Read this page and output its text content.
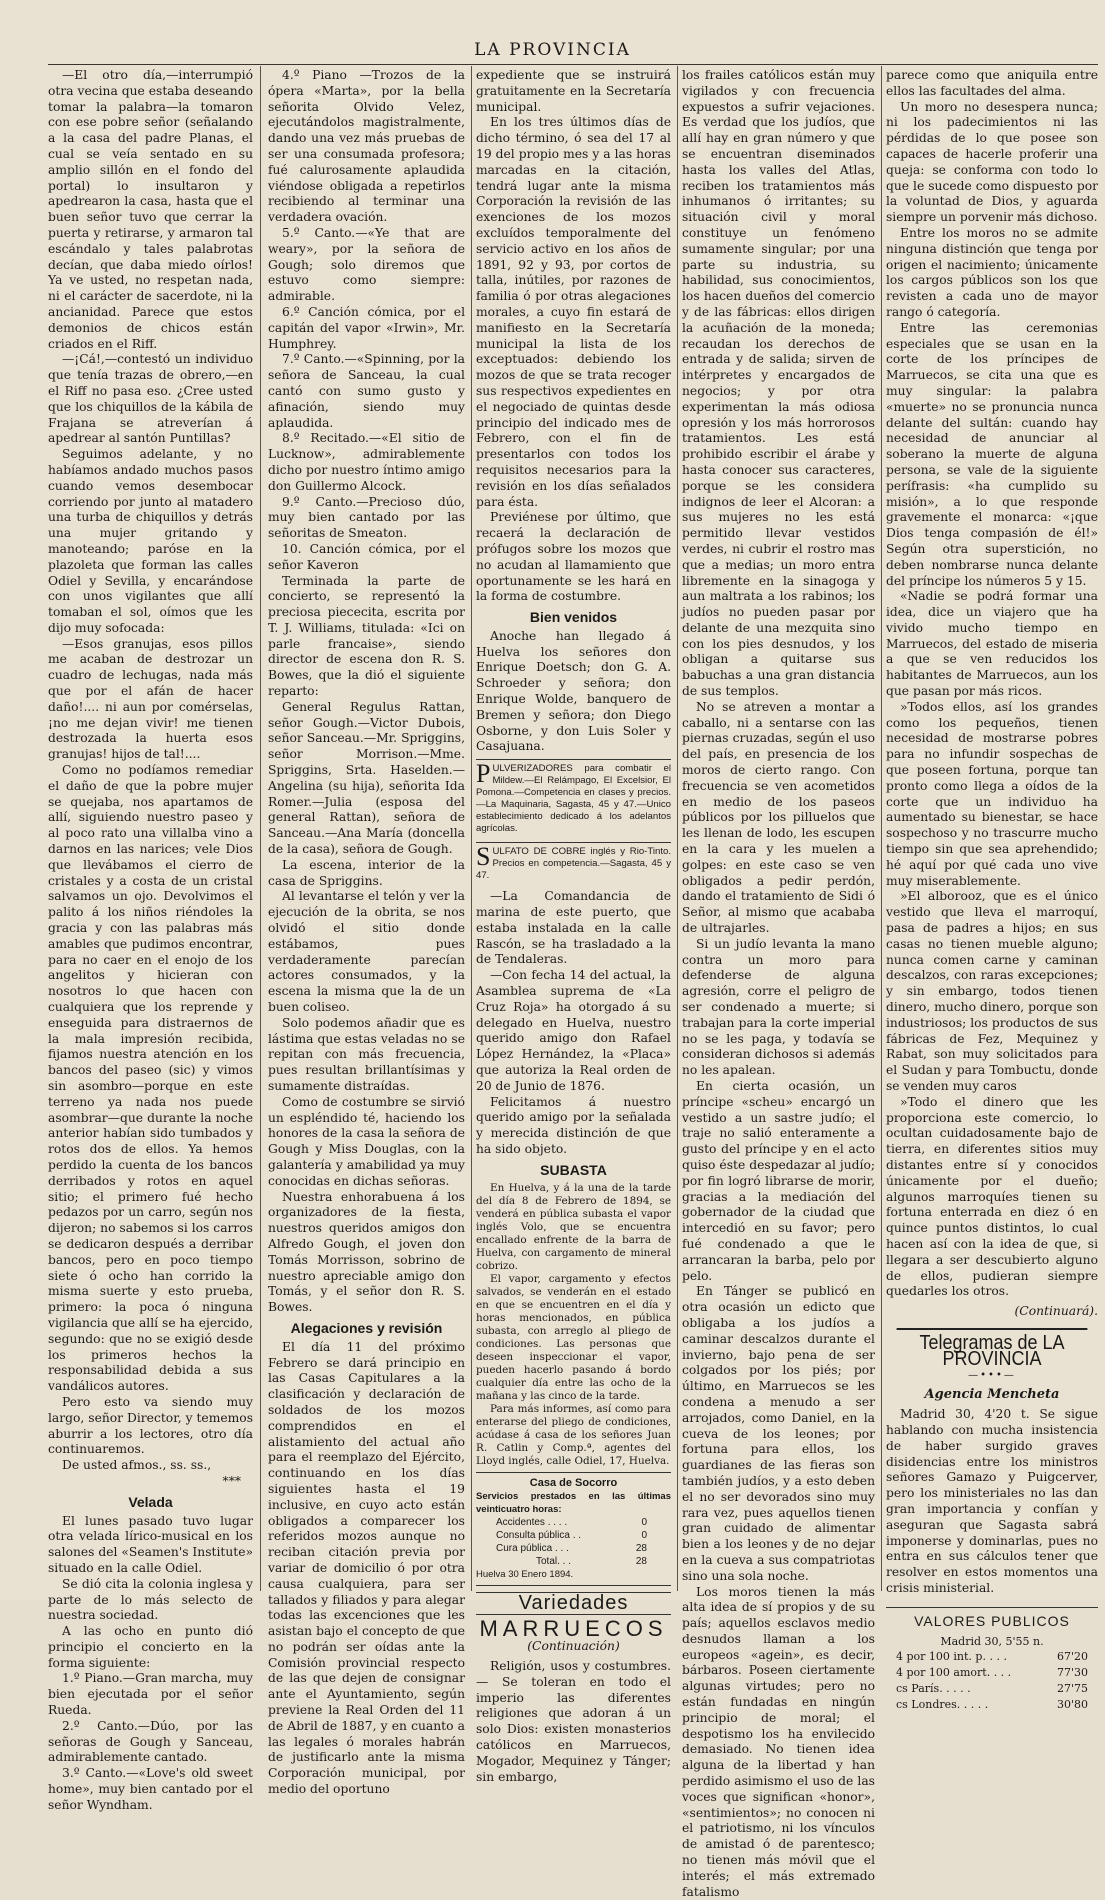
LA PROVINCIA

—El otro día,—interrumpió otra vecina que estaba deseando tomar la palabra—la tomaron con ese pobre señor (señalando a la casa del padre Planas, el cual se veía sentado en su amplio sillón en el fondo del portal) lo insultaron y apedrearon la casa, hasta que el buen señor tuvo que cerrar la puerta y retirarse, y armaron tal escándalo y tales palabrotas decían, que daba miedo oírlos! Ya ve usted, no respetan nada, ni el carácter de sacerdote, ni la ancianidad. Parece que estos demonios de chicos están criados en el Riff.

—¡Cá!,—contestó un individuo que tenía trazas de obrero,—en el Riff no pasa eso. ¿Cree usted que los chiquillos de la kábila de Frajana se atreverían á apedrear al santón Puntillas?

Seguimos adelante, y no habíamos andado muchos pasos cuando vemos desembocar corriendo por junto al matadero una turba de chiquillos y detrás una mujer gritando y manoteando; paróse en la plazoleta que forman las calles Odiel y Sevilla, y encarándose con unos vigilantes que allí tomaban el sol, oímos que les dijo muy sofocada:

—Esos granujas, esos pillos me acaban de destrozar un cuadro de lechugas, nada más que por el afán de hacer daño!.... ni aun por comérselas, ¡no me dejan vivir! me tienen destrozada la huerta esos granujas! hijos de tal!....

Como no podíamos remediar el daño de que la pobre mujer se quejaba, nos apartamos de allí, siguiendo nuestro paseo y al poco rato una villalba vino a darnos en las narices; vele Dios que llevábamos el cierro de cristales y a costa de un cristal salvamos un ojo. Devolvimos el palito á los niños riéndoles la gracia y con las palabras más amables que pudimos encontrar, para no caer en el enojo de los angelitos y hicieran con nosotros lo que hacen con cualquiera que los reprende y enseguida para distraernos de la mala impresión recibida, fijamos nuestra atención en los bancos del paseo (sic) y vimos sin asombro—porque en este terreno ya nada nos puede asombrar—que durante la noche anterior habían sido tumbados y rotos dos de ellos. Ya hemos perdido la cuenta de los bancos derribados y rotos en aquel sitio; el primero fué hecho pedazos por un carro, según nos dijeron; no sabemos si los carros se dedicaron después a derribar bancos, pero en poco tiempo siete ó ocho han corrido la misma suerte y esto prueba, primero: la poca ó ninguna vigilancia que allí se ha ejercido, segundo: que no se exigió desde los primeros hechos la responsabilidad debida a sus vandálicos autores.

Pero esto va siendo muy largo, señor Director, y tememos aburrir a los lectores, otro día continuaremos.

De usted afmos., ss. ss.,

***
Velada

El lunes pasado tuvo lugar otra velada lírico-musical en los salones del «Seamen's Institute» situado en la calle Odiel.

Se dió cita la colonia inglesa y parte de lo más selecto de nuestra sociedad.

A las ocho en punto dió principio el concierto en la forma siguiente:

1.º Piano.—Gran marcha, muy bien ejecutada por el señor Rueda.

2.º Canto.—Dúo, por las señoras de Gough y Sanceau, admirablemente cantado.

3.º Canto.—«Love's old sweet home», muy bien cantado por el señor Wyndham.

4.º Piano —Trozos de la ópera «Marta», por la bella señorita Olvido Velez, ejecutándolos magistralmente, dando una vez más pruebas de ser una consumada profesora; fué calurosamente aplaudida viéndose obligada a repetirlos recibiendo al terminar una verdadera ovación.

5.º Canto.—«Ye that are weary», por la señora de Gough; solo diremos que estuvo como siempre: admirable.

6.º Canción cómica, por el capitán del vapor «Irwin», Mr. Humphrey.

7.º Canto.—«Spinning, por la señora de Sanceau, la cual cantó con sumo gusto y afinación, siendo muy aplaudida.

8.º Recitado.—«El sitio de Lucknow», admirablemente dicho por nuestro íntimo amigo don Guillermo Alcock.

9.º Canto.—Precioso dúo, muy bien cantado por las señoritas de Smeaton.

10. Canción cómica, por el señor Kaveron

Terminada la parte de concierto, se representó la preciosa piececita, escrita por T. J. Williams, titulada: «Ici on parle francaise», siendo director de escena don R. S. Bowes, que la dió el siguiente reparto:

General Regulus Rattan, señor Gough.—Victor Dubois, señor Sanceau.—Mr. Spriggins, señor Morrison.—Mme. Spriggins, Srta. Haselden.—Angelina (su hija), señorita Ida Romer.—Julia (esposa del general Rattan), señora de Sanceau.—Ana María (doncella de la casa), señora de Gough.

La escena, interior de la casa de Spriggins.

Al levantarse el telón y ver la ejecución de la obrita, se nos olvidó el sitio donde estábamos, pues verdaderamente parecían actores consumados, y la escena la misma que la de un buen coliseo.

Solo podemos añadir que es lástima que estas veladas no se repitan con más frecuencia, pues resultan brillantísimas y sumamente distraídas.

Como de costumbre se sirvió un espléndido té, haciendo los honores de la casa la señora de Gough y Miss Douglas, con la galantería y amabilidad ya muy conocidas en dichas señoras.

Nuestra enhorabuena á los organizadores de la fiesta, nuestros queridos amigos don Alfredo Gough, el joven don Tomás Morrisson, sobrino de nuestro apreciable amigo don Tomás, y el señor don R. S. Bowes.

Alegaciones y revisión

El día 11 del próximo Febrero se dará principio en las Casas Capitulares a la clasificación y declaración de soldados de los mozos comprendidos en el alistamiento del actual año para el reemplazo del Ejército, continuando en los días siguientes hasta el 19 inclusive, en cuyo acto están obligados a comparecer los referidos mozos aunque no reciban citación previa por variar de domicilio ó por otra causa cualquiera, para ser tallados y filiados y para alegar todas las excenciones que les asistan bajo el concepto de que no podrán ser oídas ante la Comisión provincial respecto de las que dejen de consignar ante el Ayuntamiento, según previene la Real Orden del 11 de Abril de 1887, y en cuanto a las legales ó morales habrán de justificarlo ante la misma Corporación municipal, por medio del oportuno

expediente que se instruirá gratuitamente en la Secretaría municipal.

En los tres últimos días de dicho término, ó sea del 17 al 19 del propio mes y a las horas marcadas en la citación, tendrá lugar ante la misma Corporación la revisión de las exenciones de los mozos excluídos temporalmente del servicio activo en los años de 1891, 92 y 93, por cortos de talla, inútiles, por razones de familia ó por otras alegaciones morales, a cuyo fin estará de manifiesto en la Secretaría municipal la lista de los exceptuados: debiendo los mozos de que se trata recoger sus respectivos expedientes en el negociado de quintas desde principio del indicado mes de Febrero, con el fin de presentarlos con todos los requisitos necesarios para la revisión en los días señalados para ésta.

Previénese por último, que recaerá la declaración de prófugos sobre los mozos que no acudan al llamamiento que oportunamente se les hará en la forma de costumbre.

Bien venidos

Anoche han llegado á Huelva los señores don Enrique Doetsch; don G. A. Schroeder y señora; don Enrique Wolde, banquero de Bremen y señora; don Diego Osborne, y don Luis Soler y Casajuana.

P ULVERIZADORES para combatir el Mildew.—El Relámpago, El Excelsior, El Pomona.—Competencia en clases y precios.—La Maquinaria, Sagasta, 45 y 47.—Unico establecimiento dedicado á los adelantos agrícolas.
S ULFATO DE COBRE inglés y Rio-Tinto. Precios en competencia.—Sagasta, 45 y 47.

—La Comandancia de marina de este puerto, que estaba instalada en la calle Rascón, se ha trasladado a la de Tendaleras.

—Con fecha 14 del actual, la Asamblea suprema de «La Cruz Roja» ha otorgado á su delegado en Huelva, nuestro querido amigo don Rafael López Hernández, la «Placa» que autoriza la Real orden de 20 de Junio de 1876.

Felicitamos á nuestro querido amigo por la señalada y merecida distinción de que ha sido objeto.

SUBASTA

En Huelva, y á la una de la tarde del día 8 de Febrero de 1894, se venderá en pública subasta el vapor inglés Volo, que se encuentra encallado enfrente de la barra de Huelva, con cargamento de mineral cobrizo.

El vapor, cargamento y efectos salvados, se venderán en el estado en que se encuentren en el día y horas mencionados, en pública subasta, con arreglo al pliego de condiciones. Las personas que deseen inspeccionar el vapor, pueden hacerlo pasando á bordo cualquier día entre las ocho de la mañana y las cinco de la tarde.

Para más informes, así como para enterarse del pliego de condiciones, acúdase á casa de los señores Juan R. Catlin y Comp.ª, agentes del Lloyd inglés, calle Odiel, 17, Huelva.

Casa de Socorro
Servicios prestados en las últimas veinticuatro horas:
Accidentes . . . .	0
Consulta pública . .	0
Cura pública . . .	28
Total. . .	28
Huelva 30 Enero 1894.
Variedades
MARRUECOS
(Continuación)

Religión, usos y costumbres.— Se toleran en todo el imperio las diferentes religiones que adoran á un solo Dios: existen monasterios católicos en Marruecos, Mogador, Mequinez y Tánger; sin embargo,

los frailes católicos están muy vigilados y con frecuencia expuestos a sufrir vejaciones. Es verdad que los judíos, que allí hay en gran número y que se encuentran diseminados hasta los valles del Atlas, reciben los tratamientos más inhumanos ó irritantes; su situación civil y moral constituye un fenómeno sumamente singular; por una parte su industria, su habilidad, sus conocimientos, los hacen dueños del comercio y de las fábricas: ellos dirigen la acuñación de la moneda; recaudan los derechos de entrada y de salida; sirven de intérpretes y encargados de negocios; y por otra experimentan la más odiosa opresión y los más horrorosos tratamientos. Les está prohibido escribir el árabe y hasta conocer sus caracteres, porque se les considera indignos de leer el Alcoran: a sus mujeres no les está permitido llevar vestidos verdes, ni cubrir el rostro mas que a medias; un moro entra libremente en la sinagoga y aun maltrata a los rabinos; los judíos no pueden pasar por delante de una mezquita sino con los pies desnudos, y los obligan a quitarse sus babuchas a una gran distancia de sus templos.

No se atreven a montar a caballo, ni a sentarse con las piernas cruzadas, según el uso del país, en presencia de los moros de cierto rango. Con frecuencia se ven acometidos en medio de los paseos públicos por los pilluelos que les llenan de lodo, les escupen en la cara y les muelen a golpes: en este caso se ven obligados a pedir perdón, dando el tratamiento de Sidi ó Señor, al mismo que acababa de ultrajarles.

Si un judío levanta la mano contra un moro para defenderse de alguna agresión, corre el peligro de ser condenado a muerte; si trabajan para la corte imperial no se les paga, y todavía se consideran dichosos si además no les apalean.

En cierta ocasión, un príncipe «scheu» encargó un vestido a un sastre judío; el traje no salió enteramente a gusto del príncipe y en el acto quiso éste despedazar al judío; por fin logró librarse de morir, gracias a la mediación del gobernador de la ciudad que intercedió en su favor; pero fué condenado a que le arrancaran la barba, pelo por pelo.

En Tánger se publicó en otra ocasión un edicto que obligaba a los judíos a caminar descalzos durante el invierno, bajo pena de ser colgados por los piés; por último, en Marruecos se les condena a menudo a ser arrojados, como Daniel, en la cueva de los leones; por fortuna para ellos, los guardianes de las fieras son también judíos, y a esto deben el no ser devorados sino muy rara vez, pues aquellos tienen gran cuidado de alimentar bien a los leones y de no dejar en la cueva a sus compatriotas sino una sola noche.

Los moros tienen la más alta idea de sí propios y de su país; aquellos esclavos medio desnudos llaman a los europeos «agein», es decir, bárbaros. Poseen ciertamente algunas virtudes; pero no están fundadas en ningún principio de moral; el despotismo los ha envilecido demasiado. No tienen idea alguna de la libertad y han perdido asimismo el uso de las voces que significan «honor», «sentimientos»; no conocen ni el patriotismo, ni los vínculos de amistad ó de parentesco; no tienen más móvil que el interés; el más extremado fatalismo

parece como que aniquila entre ellos las facultades del alma.

Un moro no desespera nunca; ni los padecimientos ni las pérdidas de lo que posee son capaces de hacerle proferir una queja: se conforma con todo lo que le sucede como dispuesto por la voluntad de Dios, y aguarda siempre un porvenir más dichoso.

Entre los moros no se admite ninguna distinción que tenga por origen el nacimiento; únicamente los cargos públicos son los que revisten a cada uno de mayor rango ó categoría.

Entre las ceremonias especiales que se usan en la corte de los príncipes de Marruecos, se cita una que es muy singular: la palabra «muerte» no se pronuncia nunca delante del sultán: cuando hay necesidad de anunciar al soberano la muerte de alguna persona, se vale de la siguiente perífrasis: «ha cumplido su misión», a lo que responde gravemente el monarca: «¡que Dios tenga compasión de él!» Según otra superstición, no deben nombrarse nunca delante del príncipe los números 5 y 15.

«Nadie se podrá formar una idea, dice un viajero que ha vivido mucho tiempo en Marruecos, del estado de miseria a que se ven reducidos los habitantes de Marruecos, aun los que pasan por más ricos.

»Todos ellos, así los grandes como los pequeños, tienen necesidad de mostrarse pobres para no infundir sospechas de que poseen fortuna, porque tan pronto como llega a oídos de la corte que un individuo ha aumentado su bienestar, se hace sospechoso y no trascurre mucho tiempo sin que sea aprehendido; hé aquí por qué cada uno vive muy miserablemente.

»El alborooz, que es el único vestido que lleva el marroquí, pasa de padres a hijos; en sus casas no tienen mueble alguno; nunca comen carne y caminan descalzos, con raras excepciones; y sin embargo, todos tienen dinero, mucho dinero, porque son industriosos; los productos de sus fábricas de Fez, Mequinez y Rabat, son muy solicitados para el Sudan y para Tombuctu, donde se venden muy caros

»Todo el dinero que les proporciona este comercio, lo ocultan cuidadosamente bajo de tierra, en diferentes sitios muy distantes entre sí y conocidos únicamente por el dueño; algunos marroquíes tienen su fortuna enterrada en diez ó en quince puntos distintos, lo cual hacen así con la idea de que, si llegara a ser descubierto alguno de ellos, pudieran siempre quedarles los otros.

(Continuará).
Telegramas de LA PROVINCIA
—•••—
Agencia Mencheta

Madrid 30, 4'20 t. Se sigue hablando con mucha insistencia de haber surgido graves disidencias entre los ministros señores Gamazo y Puigcerver, pero los ministeriales no las dan gran importancia y confían y aseguran que Sagasta sabrá imponerse y dominarlas, pues no entra en sus cálculos tener que resolver en estos momentos una crisis ministerial.

VALORES PUBLICOS
Madrid 30, 5'55 n.
4 por 100 int. p. . . .	67'20
4 por 100 amort. . . .	77'30
cs París. . . . .	27'75
cs Londres. . . . .	30'80
